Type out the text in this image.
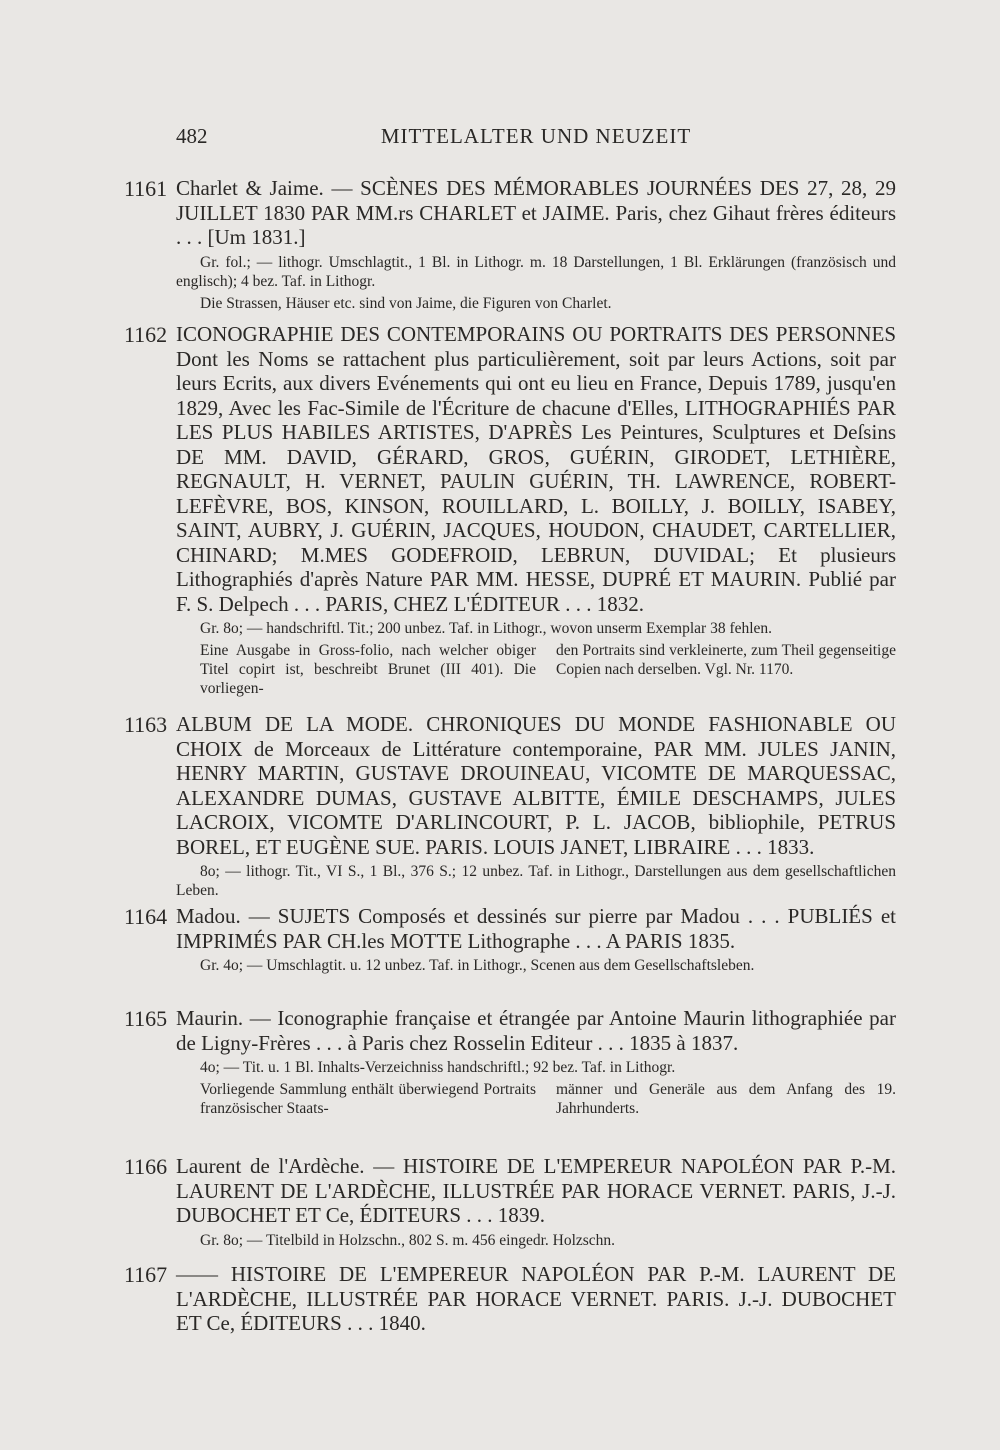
482	MITTELALTER UND NEUZEIT
1161 Charlet & Jaime. — SCÈNES DES MÉMORABLES JOURNÉES DES 27, 28, 29 JUILLET 1830 PAR MM.rs CHARLET et JAIME. Paris, chez Gihaut frères éditeurs . . . [Um 1831.]

Gr. fol.; — lithogr. Umschlagtit., 1 Bl. in Lithogr. m. 18 Darstellungen, 1 Bl. Erklärungen (französisch und englisch); 4 bez. Taf. in Lithogr.

Die Strassen, Häuser etc. sind von Jaime, die Figuren von Charlet.

1162 ICONOGRAPHIE DES CONTEMPORAINS OU PORTRAITS DES PERSONNES Dont les Noms se rattachent plus particulièrement, soit par leurs Actions, soit par leurs Ecrits, aux divers Evénements qui ont eu lieu en France, Depuis 1789, jusqu'en 1829, Avec les Fac-Simile de l'Écriture de chacune d'Elles, LITHOGRAPHIÉS PAR LES PLUS HABILES ARTISTES, D'APRÈS Les Peintures, Sculptures et Deſsins DE MM. DAVID, GÉRARD, GROS, GUÉRIN, GIRODET, LETHIÈRE, REGNAULT, H. VERNET, PAULIN GUÉRIN, TH. LAWRENCE, ROBERT-LEFÈVRE, BOS, KINSON, ROUILLARD, L. BOILLY, J. BOILLY, ISABEY, SAINT, AUBRY, J. GUÉRIN, JACQUES, HOUDON, CHAUDET, CARTELLIER, CHINARD; M.MES GODEFROID, LEBRUN, DUVIDAL; Et plusieurs Lithographiés d'après Nature PAR MM. HESSE, DUPRÉ ET MAURIN. Publié par F. S. Delpech . . . PARIS, CHEZ L'ÉDITEUR . . . 1832.

Gr. 8o; — handschriftl. Tit.; 200 unbez. Taf. in Lithogr., wovon unserm Exemplar 38 fehlen.

Eine Ausgabe in Gross-folio, nach welcher obiger Titel copirt ist, beschreibt Brunet (III 401). Die vorliegen-
den Portraits sind verkleinerte, zum Theil gegenseitige Copien nach derselben. Vgl. Nr. 1170.
1163 ALBUM DE LA MODE. CHRONIQUES DU MONDE FASHIONABLE OU CHOIX de Morceaux de Littérature contemporaine, PAR MM. JULES JANIN, HENRY MARTIN, GUSTAVE DROUINEAU, VICOMTE DE MARQUESSAC, ALEXANDRE DUMAS, GUSTAVE ALBITTE, ÉMILE DESCHAMPS, JULES LACROIX, VICOMTE D'ARLINCOURT, P. L. JACOB, bibliophile, PETRUS BOREL, ET EUGÈNE SUE. PARIS. LOUIS JANET, LIBRAIRE . . . 1833.

8o; — lithogr. Tit., VI S., 1 Bl., 376 S.; 12 unbez. Taf. in Lithogr., Darstellungen aus dem gesellschaftlichen Leben.

1164 Madou. — SUJETS Composés et dessinés sur pierre par Madou . . . PUBLIÉS et IMPRIMÉS PAR CH.les MOTTE Lithographe . . . A PARIS 1835.

Gr. 4o; — Umschlagtit. u. 12 unbez. Taf. in Lithogr., Scenen aus dem Gesellschaftsleben.

1165 Maurin. — Iconographie française et étrangée par Antoine Maurin lithographiée par de Ligny-Frères . . . à Paris chez Rosselin Editeur . . . 1835 à 1837.

4o; — Tit. u. 1 Bl. Inhalts-Verzeichniss handschriftl.; 92 bez. Taf. in Lithogr.

Vorliegende Sammlung enthält überwiegend Portraits französischer Staats-
männer und Generäle aus dem Anfang des 19. Jahrhunderts.
1166 Laurent de l'Ardèche. — HISTOIRE DE L'EMPEREUR NAPOLÉON PAR P.-M. LAURENT DE L'ARDÈCHE, ILLUSTRÉE PAR HORACE VERNET. PARIS, J.-J. DUBOCHET ET Ce, ÉDITEURS . . . 1839.

Gr. 8o; — Titelbild in Holzschn., 802 S. m. 456 eingedr. Holzschn.

1167 —— HISTOIRE DE L'EMPEREUR NAPOLÉON PAR P.-M. LAURENT DE L'ARDÈCHE, ILLUSTRÉE PAR HORACE VERNET. PARIS. J.-J. DUBOCHET ET Ce, ÉDITEURS . . . 1840.
